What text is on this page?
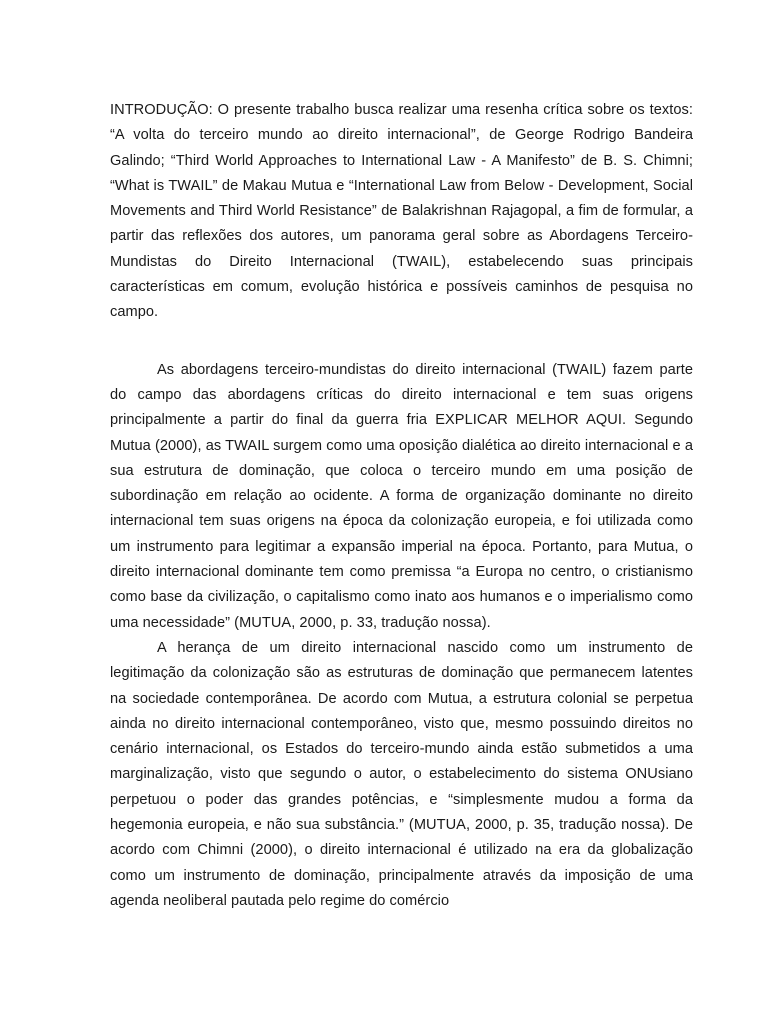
INTRODUÇÃO: O presente trabalho busca realizar uma resenha crítica sobre os textos: “A volta do terceiro mundo ao direito internacional”, de George Rodrigo Bandeira Galindo; “Third World Approaches to International Law - A Manifesto” de B. S. Chimni; “What is TWAIL” de Makau Mutua e “International Law from Below - Development, Social Movements and Third World Resistance” de Balakrishnan Rajagopal, a fim de formular, a partir das reflexões dos autores, um panorama geral sobre as Abordagens Terceiro-Mundistas do Direito Internacional (TWAIL), estabelecendo suas principais características em comum, evolução histórica e possíveis caminhos de pesquisa no campo.

As abordagens terceiro-mundistas do direito internacional (TWAIL) fazem parte do campo das abordagens críticas do direito internacional e tem suas origens principalmente a partir do final da guerra fria EXPLICAR MELHOR AQUI. Segundo Mutua (2000), as TWAIL surgem como uma oposição dialética ao direito internacional e a sua estrutura de dominação, que coloca o terceiro mundo em uma posição de subordinação em relação ao ocidente. A forma de organização dominante no direito internacional tem suas origens na época da colonização europeia, e foi utilizada como um instrumento para legitimar a expansão imperial na época. Portanto, para Mutua, o direito internacional dominante tem como premissa “a Europa no centro, o cristianismo como base da civilização, o capitalismo como inato aos humanos e o imperialismo como uma necessidade” (MUTUA, 2000, p. 33, tradução nossa).

A herança de um direito internacional nascido como um instrumento de legitimação da colonização são as estruturas de dominação que permanecem latentes na sociedade contemporânea. De acordo com Mutua, a estrutura colonial se perpetua ainda no direito internacional contemporâneo, visto que, mesmo possuindo direitos no cenário internacional, os Estados do terceiro-mundo ainda estão submetidos a uma marginalização, visto que segundo o autor, o estabelecimento do sistema ONUsiano perpetuou o poder das grandes potências, e “simplesmente mudou a forma da hegemonia europeia, e não sua substância.” (MUTUA, 2000, p. 35, tradução nossa). De acordo com Chimni (2000), o direito internacional é utilizado na era da globalização como um instrumento de dominação, principalmente através da imposição de uma agenda neoliberal pautada pelo regime do comércio
